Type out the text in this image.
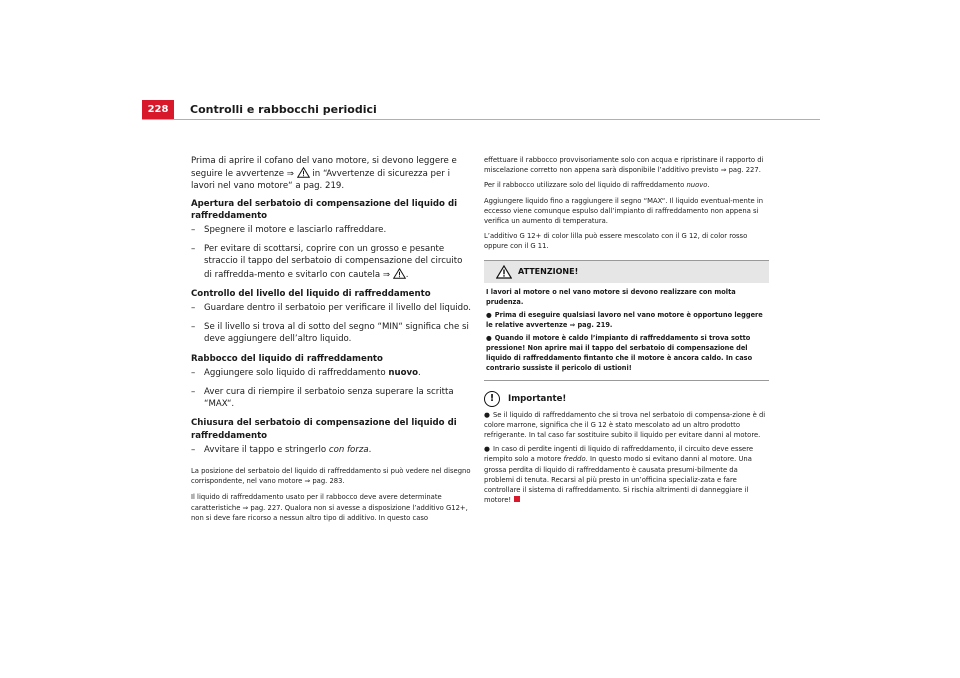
228	Controlli e rabbocchi periodici

Prima di aprire il cofano del vano motore, si devono leggere e seguire le avvertenze ⇒  in “Avvertenze di sicurezza per i lavori nel vano motore“ a pag. 219.

Apertura del serbatoio di compensazione del liquido di raffreddamento

– Spegnere il motore e lasciarlo raffreddare.
– Per evitare di scottarsi, coprire con un grosso e pesante straccio il tappo del serbatoio di compensazione del circuito di raffredda-mento e svitarlo con cautela ⇒ .

Controllo del livello del liquido di raffreddamento

– Guardare dentro il serbatoio per verificare il livello del liquido.
– Se il livello si trova al di sotto del segno “MIN“ significa che si deve aggiungere dell’altro liquido.

Rabbocco del liquido di raffreddamento

– Aggiungere solo liquido di raffreddamento nuovo.
– Aver cura di riempire il serbatoio senza superare la scritta “MAX“.

Chiusura del serbatoio di compensazione del liquido di raffreddamento

– Avvitare il tappo e stringerlo con forza.

La posizione del serbatoio del liquido di raffreddamento si può vedere nel disegno corrispondente, nel vano motore ⇒ pag. 283.

Il liquido di raffreddamento usato per il rabbocco deve avere determinate caratteristiche ⇒ pag. 227. Qualora non si avesse a disposizione l’additivo G12+, non si deve fare ricorso a nessun altro tipo di additivo. In questo caso

effettuare il rabbocco provvisoriamente solo con acqua e ripristinare il rapporto di miscelazione corretto non appena sarà disponibile l’additivo previsto ⇒ pag. 227.

Per il rabbocco utilizzare solo del liquido di raffreddamento nuovo.

Aggiungere liquido fino a raggiungere il segno “MAX“. Il liquido eventual-mente in eccesso viene comunque espulso dall’impianto di raffreddamento non appena si verifica un aumento di temperatura.

L’additivo G 12+ di color lilla può essere mescolato con il G 12, di color rosso oppure con il G 11.

ATTENZIONE!

I lavori al motore o nel vano motore si devono realizzare con molta prudenza.

● Prima di eseguire qualsiasi lavoro nel vano motore è opportuno leggere le relative avvertenze ⇒ pag. 219.

● Quando il motore è caldo l’impianto di raffreddamento si trova sotto pressione! Non aprire mai il tappo del serbatoio di compensazione del liquido di raffreddamento fintanto che il motore è ancora caldo. In caso contrario sussiste il pericolo di ustioni!

!	Importante!

● Se il liquido di raffreddamento che si trova nel serbatoio di compensa-zione è di colore marrone, significa che il G 12 è stato mescolato ad un altro prodotto refrigerante. In tal caso far sostituire subito il liquido per evitare danni al motore.

● In caso di perdite ingenti di liquido di raffreddamento, il circuito deve essere riempito solo a motore freddo. In questo modo si evitano danni al motore. Una grossa perdita di liquido di raffreddamento è causata presumi-bilmente da problemi di tenuta. Recarsi al più presto in un’officina specializ-zata e fare controllare il sistema di raffreddamento. Si rischia altrimenti di danneggiare il motore!
